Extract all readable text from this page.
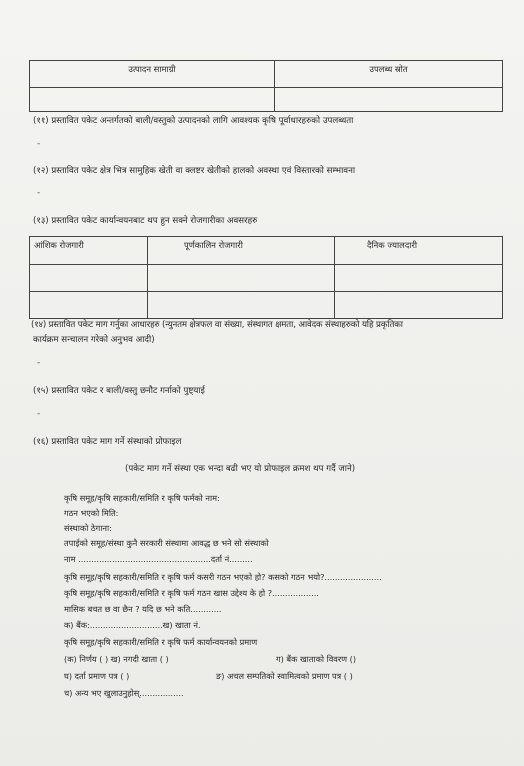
उत्पादन सामाग्री	उपलब्ध स्रोत

(११) प्रस्तावित पकेट अन्तर्गतको बाली/वस्तुको उत्पादनको लागि आवश्यक कृषि पूर्वाधारहरुको उपलब्धता
-
(१२) प्रस्तावित पकेट क्षेत्र भित्र सामुहिक खेती वा क्लष्टर खेतीको हालको अवस्था एवं विस्तारको सम्भावना
-
(१३) प्रस्तावित पकेट कार्यान्वयनबाट थप हुन सक्ने रोजगारीका अवसरहरु
आंशिक रोजगारी	पूर्णकालिन रोजगारी	दैनिक ज्यालदारी

(१४) प्रस्तावित पकेट माग गर्नुका आधारहरु (न्युनतम क्षेत्रफल वा संख्या, संस्थागत क्षमता, आवेदक संस्थाहरुको यहि प्रकृतिका
कार्यक्रम सन्चालन गरेको अनुभव आदी)
-
(१५) प्रस्तावित पकेट र बाली/वस्तु छनौट गर्नाको पुष्ट्याई
-
(१६) प्रस्तावित पकेट माग गर्ने संस्थाको प्रोफाइल
(पकेट माग गर्ने संस्था एक भन्दा बढी भए यो प्रोफाइल क्रमश थप गर्दै जाने)
कृषि समूह/कृषि सहकारी/समिति र कृषि फर्मको नाम:
गठन भएको मिति:
संस्थाको ठेगाना:
तपाईको समूह/संस्था कुनै सरकारी संस्थामा आवद्ध छ भने सो संस्थाको
नाम ...................................................दर्ता नं.........
कृषि समूह/कृषि सहकारी/समिति र कृषि फर्म कसरी गठन भएको हो? कसको गठन भयो?......................
कृषि समूह/कृषि सहकारी/समिति र कृषि फर्म गठन खास उद्देश्य के हो ?..................
मासिक बचत छ वा छैन ? यदि छ भने कति............
क) बैंक:............................ख) खाता नं.
कृषि समूह/कृषि सहकारी/समिति र कृषि फर्म कार्यान्वयनको प्रमाण
(क) निर्णय ( ) ख) नगदी खाता ( )	ग) बैंक खाताको विवरण ()
घ) दर्ता प्रमाण पत्र ( )	ङ) अचल सम्पतिको स्वामित्वको प्रमाण पत्र ( )
च) अन्य भए खुलाउनुहोस्.................
